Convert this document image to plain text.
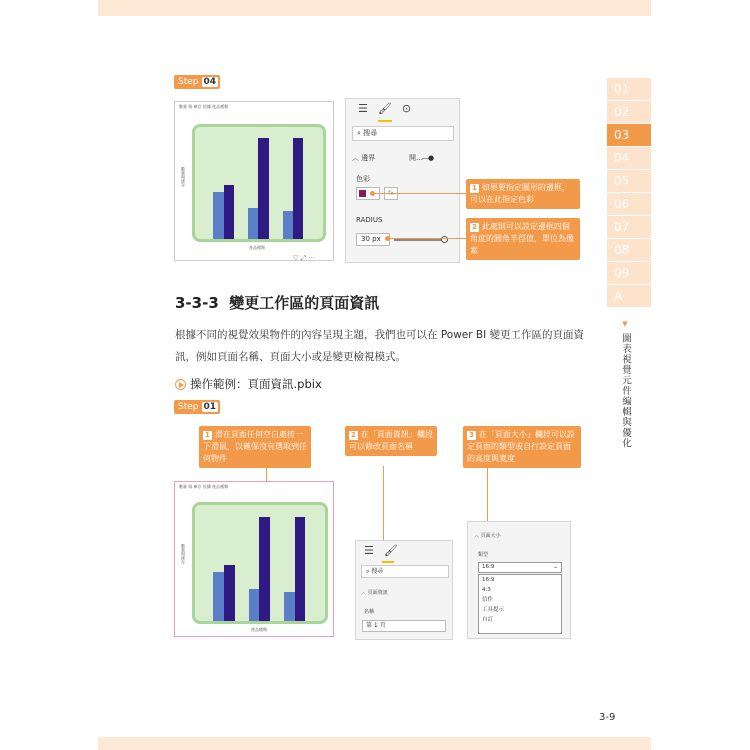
Step 04
數量 與 庫存 依據 產品種類
數量與庫存
產品種類
▽ ⤢ ···
☰ 🖌 ⊙
⌕ 搜尋
︿ 邊界	開…—●
色彩
RADIUS
30 px
1 如果要指定圖形的邊框，可以在此指定色彩
2 此處則可以設定邊框四個角度的圓角半徑值，單位為像素
3-3-3 變更工作區的頁面資訊
根據不同的視覺效果物件的內容呈現主題，我們也可以在 Power BI 變更工作區的頁面資訊，例如頁面名稱、頁面大小或是變更檢視模式。
操作範例：頁面資訊.pbix
Step 01
1 滑在頁面任何空白處按一下滑鼠，以確保沒有選取到任何物件
2 在「頁面資訊」欄段可以修改頁面名稱
3 在「頁面大小」欄段可以設定頁面的類型或自行設定頁面的高度與寬度
數量 與 庫存 依據 產品種類
數量與庫存
產品種類
☰ 🖌
⌕ 搜尋
︿ 頁面資訊
名稱
第 1 頁
︿ 頁面大小
類型
16:9	⌄
16:9
4:3
信件
工具提示
自訂
01
02
03
04
05
06
07
08
09
A
▼ 圖表視覺元件編輯與優化
3-9
